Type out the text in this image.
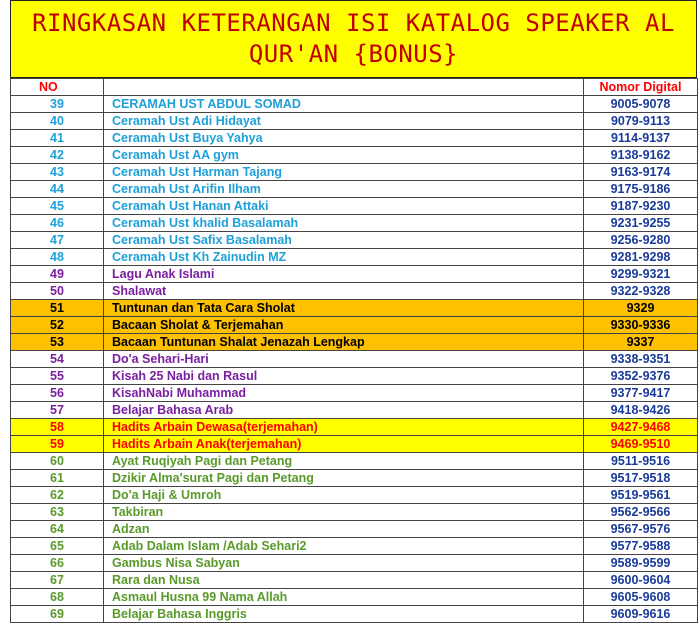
RINGKASAN KETERANGAN ISI KATALOG SPEAKER AL
QUR'AN {BONUS}
NO		Nomor Digital
39	CERAMAH UST ABDUL SOMAD	9005-9078
40	Ceramah Ust Adi Hidayat	9079-9113
41	Ceramah Ust Buya Yahya	9114-9137
42	Ceramah Ust AA gym	9138-9162
43	Ceramah Ust Harman Tajang	9163-9174
44	Ceramah Ust Arifin Ilham	9175-9186
45	Ceramah Ust Hanan Attaki	9187-9230
46	Ceramah Ust khalid Basalamah	9231-9255
47	Ceramah Ust Safix Basalamah	9256-9280
48	Ceramah Ust Kh Zainudin MZ	9281-9298
49	Lagu Anak Islami	9299-9321
50	Shalawat	9322-9328
51	Tuntunan dan Tata Cara Sholat	9329
52	Bacaan Sholat & Terjemahan	9330-9336
53	Bacaan Tuntunan Shalat Jenazah Lengkap	9337
54	Do'a Sehari-Hari	9338-9351
55	Kisah 25 Nabi dan Rasul	9352-9376
56	KisahNabi Muhammad	9377-9417
57	Belajar Bahasa Arab	9418-9426
58	Hadits Arbain Dewasa(terjemahan)	9427-9468
59	Hadits Arbain Anak(terjemahan)	9469-9510
60	Ayat Ruqiyah Pagi dan Petang	9511-9516
61	Dzikir Alma'surat Pagi dan Petang	9517-9518
62	Do'a Haji & Umroh	9519-9561
63	Takbiran	9562-9566
64	Adzan	9567-9576
65	Adab Dalam Islam /Adab Sehari2	9577-9588
66	Gambus Nisa Sabyan	9589-9599
67	Rara dan Nusa	9600-9604
68	Asmaul Husna 99 Nama Allah	9605-9608
69	Belajar Bahasa Inggris	9609-9616
